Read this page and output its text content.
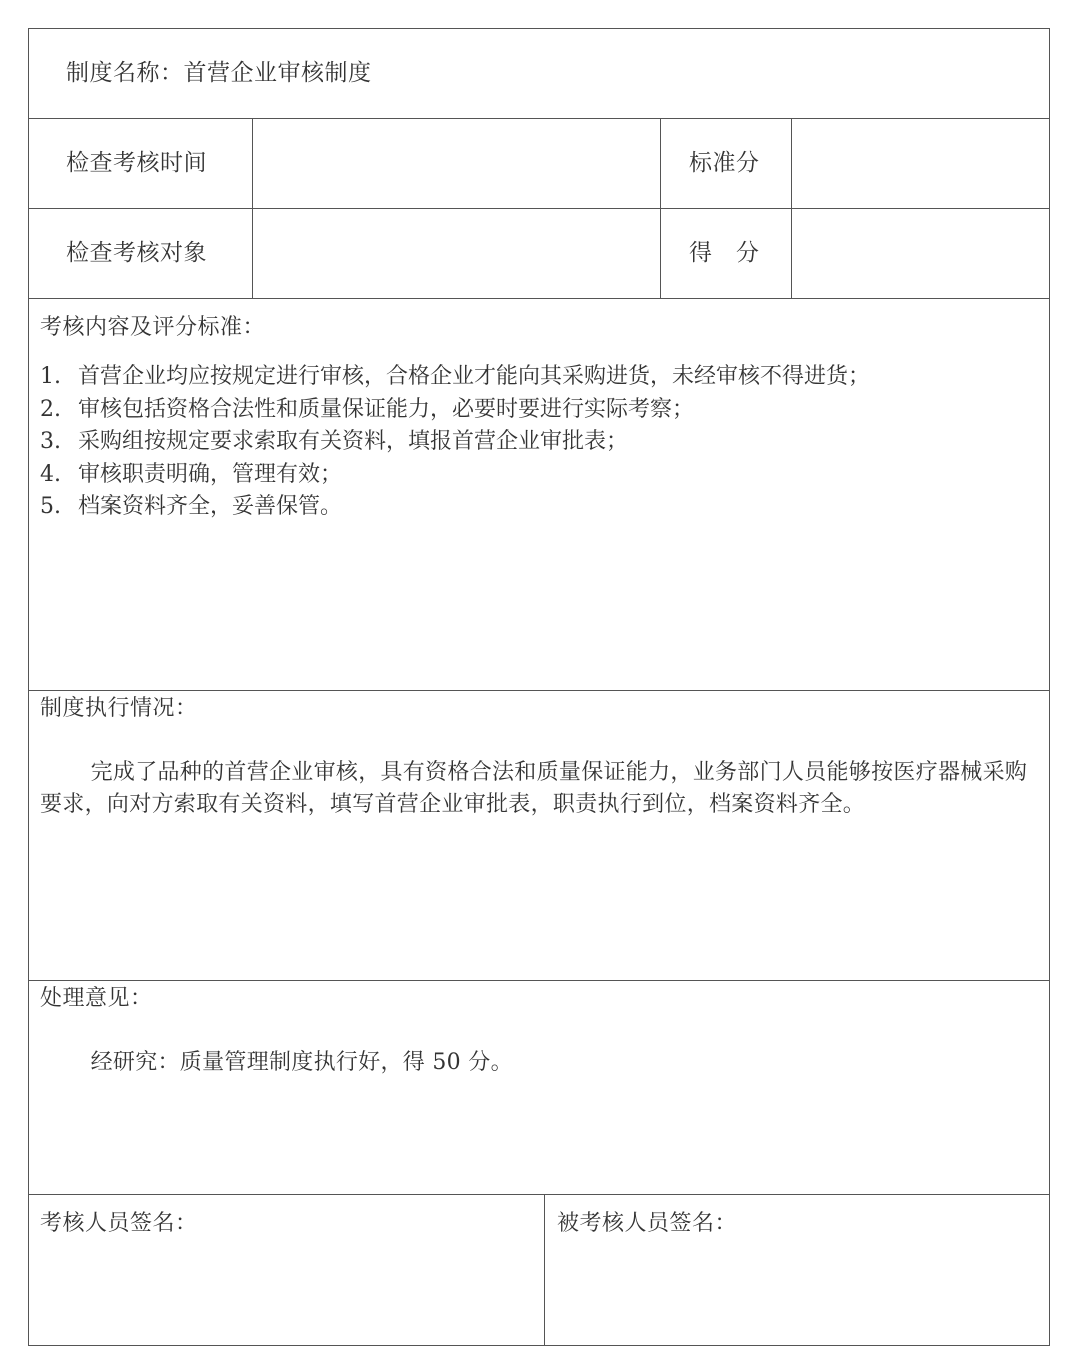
制度名称：首营企业审核制度
检查考核时间	标准分
检查考核对象	得　分
考核内容及评分标准：
1. 首营企业均应按规定进行审核，合格企业才能向其采购进货，未经审核不得进货；
2. 审核包括资格合法性和质量保证能力，必要时要进行实际考察；
3. 采购组按规定要求索取有关资料，填报首营企业审批表；
4. 审核职责明确，管理有效；
5. 档案资料齐全，妥善保管。
制度执行情况：
完成了品种的首营企业审核，具有资格合法和质量保证能力，业务部门人员能够按医疗器械采购要求，向对方索取有关资料，填写首营企业审批表，职责执行到位，档案资料齐全。
处理意见：
经研究：质量管理制度执行好，得 50 分。
考核人员签名：	被考核人员签名：
